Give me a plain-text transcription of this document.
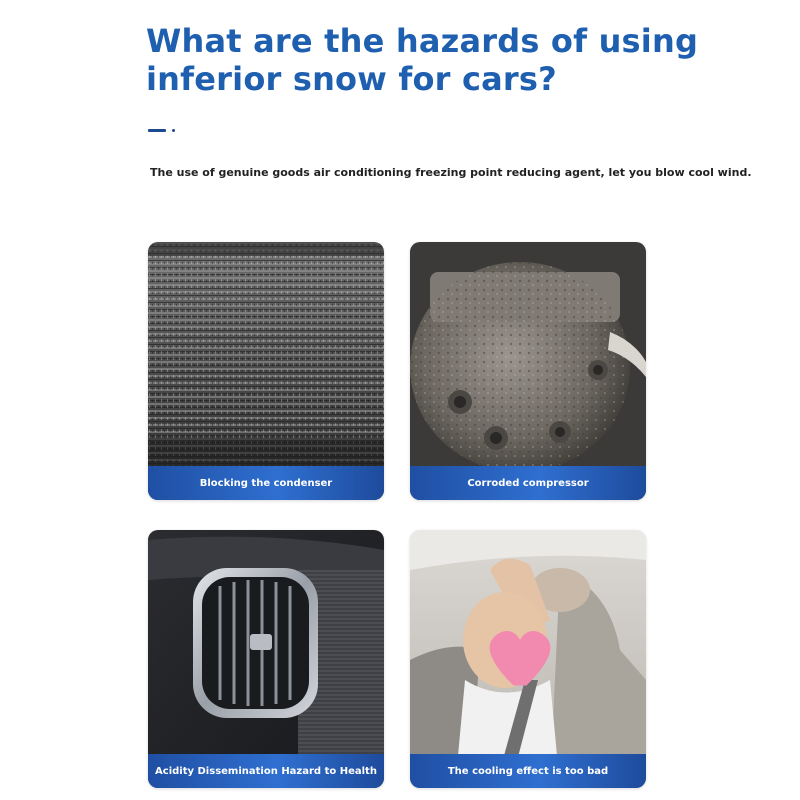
What are the hazards of using inferior snow for cars?

The use of genuine goods air conditioning freezing point reducing agent, let you blow cool wind.

Blocking the condenser	Corroded compressor
Acidity Dissemination Hazard to Health	The cooling effect is too bad
